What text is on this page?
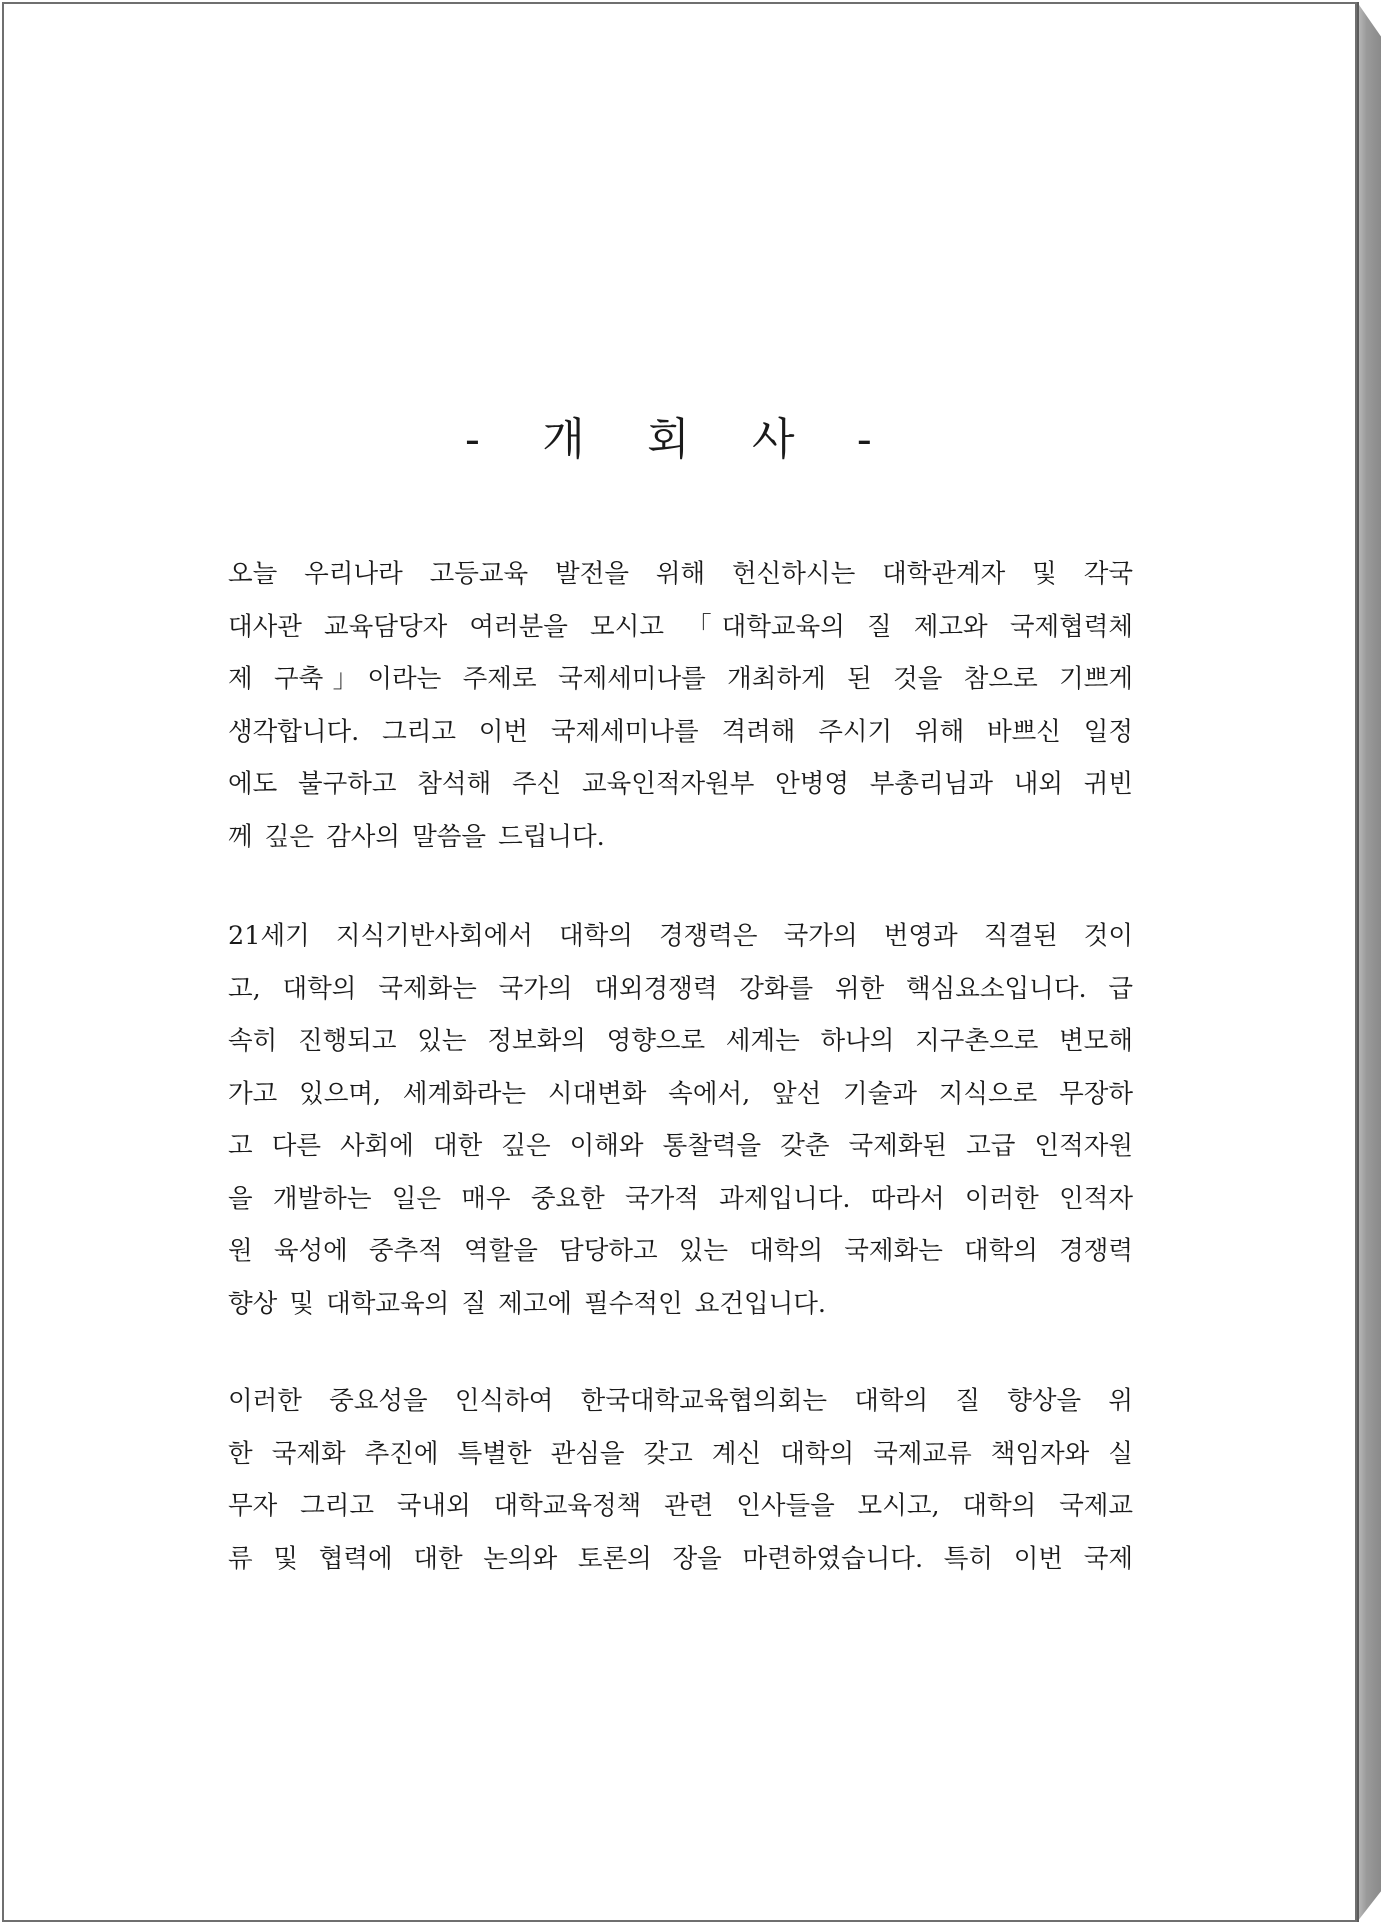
- 개 회 사 -
오늘 우리나라 고등교육 발전을 위해 헌신하시는 대학관계자 및 각국
대사관 교육담당자 여러분을 모시고 「대학교육의 질 제고와 국제협력체
제 구축」이라는 주제로 국제세미나를 개최하게 된 것을 참으로 기쁘게
생각합니다. 그리고 이번 국제세미나를 격려해 주시기 위해 바쁘신 일정
에도 불구하고 참석해 주신 교육인적자원부 안병영 부총리님과 내외 귀빈
께 깊은 감사의 말씀을 드립니다.
21세기 지식기반사회에서 대학의 경쟁력은 국가의 번영과 직결된 것이
고, 대학의 국제화는 국가의 대외경쟁력 강화를 위한 핵심요소입니다. 급
속히 진행되고 있는 정보화의 영향으로 세계는 하나의 지구촌으로 변모해
가고 있으며, 세계화라는 시대변화 속에서, 앞선 기술과 지식으로 무장하
고 다른 사회에 대한 깊은 이해와 통찰력을 갖춘 국제화된 고급 인적자원
을 개발하는 일은 매우 중요한 국가적 과제입니다. 따라서 이러한 인적자
원 육성에 중추적 역할을 담당하고 있는 대학의 국제화는 대학의 경쟁력
향상 및 대학교육의 질 제고에 필수적인 요건입니다.
이러한 중요성을 인식하여 한국대학교육협의회는 대학의 질 향상을 위
한 국제화 추진에 특별한 관심을 갖고 계신 대학의 국제교류 책임자와 실
무자 그리고 국내외 대학교육정책 관련 인사들을 모시고, 대학의 국제교
류 및 협력에 대한 논의와 토론의 장을 마련하였습니다. 특히 이번 국제
